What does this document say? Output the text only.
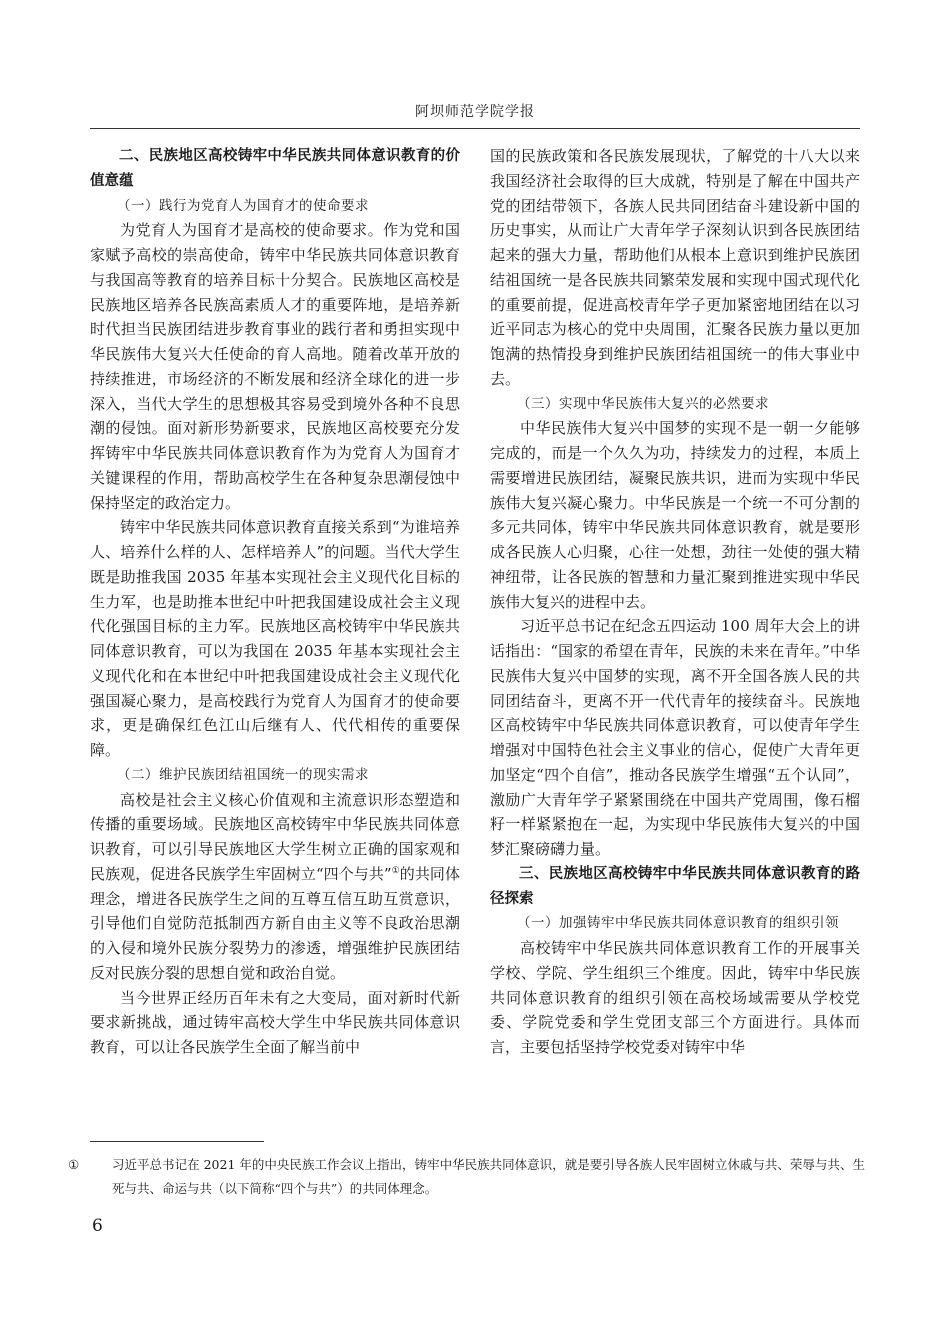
阿坝师范学院学报

二、民族地区高校铸牢中华民族共同体意识教育的价值意蕴

（一）践行为党育人为国育才的使命要求

为党育人为国育才是高校的使命要求。作为党和国家赋予高校的崇高使命，铸牢中华民族共同体意识教育与我国高等教育的培养目标十分契合。民族地区高校是民族地区培养各民族高素质人才的重要阵地，是培养新时代担当民族团结进步教育事业的践行者和勇担实现中华民族伟大复兴大任使命的育人高地。随着改革开放的持续推进，市场经济的不断发展和经济全球化的进一步深入，当代大学生的思想极其容易受到境外各种不良思潮的侵蚀。面对新形势新要求，民族地区高校要充分发挥铸牢中华民族共同体意识教育作为为党育人为国育才关键课程的作用，帮助高校学生在各种复杂思潮侵蚀中保持坚定的政治定力。

铸牢中华民族共同体意识教育直接关系到“为谁培养人、培养什么样的人、怎样培养人”的问题。当代大学生既是助推我国 2035 年基本实现社会主义现代化目标的生力军，也是助推本世纪中叶把我国建设成社会主义现代化强国目标的主力军。民族地区高校铸牢中华民族共同体意识教育，可以为我国在 2035 年基本实现社会主义现代化和在本世纪中叶把我国建设成社会主义现代化强国凝心聚力，是高校践行为党育人为国育才的使命要求，更是确保红色江山后继有人、代代相传的重要保障。

（二）维护民族团结祖国统一的现实需求

高校是社会主义核心价值观和主流意识形态塑造和传播的重要场域。民族地区高校铸牢中华民族共同体意识教育，可以引导民族地区大学生树立正确的国家观和民族观，促进各民族学生牢固树立“四个与共”①的共同体理念，增进各民族学生之间的互尊互信互助互赏意识，引导他们自觉防范抵制西方新自由主义等不良政治思潮的入侵和境外民族分裂势力的渗透，增强维护民族团结反对民族分裂的思想自觉和政治自觉。

当今世界正经历百年未有之大变局，面对新时代新要求新挑战，通过铸牢高校大学生中华民族共同体意识教育，可以让各民族学生全面了解当前中

国的民族政策和各民族发展现状，了解党的十八大以来我国经济社会取得的巨大成就，特别是了解在中国共产党的团结带领下，各族人民共同团结奋斗建设新中国的历史事实，从而让广大青年学子深刻认识到各民族团结起来的强大力量，帮助他们从根本上意识到维护民族团结祖国统一是各民族共同繁荣发展和实现中国式现代化的重要前提，促进高校青年学子更加紧密地团结在以习近平同志为核心的党中央周围，汇聚各民族力量以更加饱满的热情投身到维护民族团结祖国统一的伟大事业中去。

（三）实现中华民族伟大复兴的必然要求

中华民族伟大复兴中国梦的实现不是一朝一夕能够完成的，而是一个久久为功，持续发力的过程，本质上需要增进民族团结，凝聚民族共识，进而为实现中华民族伟大复兴凝心聚力。中华民族是一个统一不可分割的多元共同体，铸牢中华民族共同体意识教育，就是要形成各民族人心归聚，心往一处想，劲往一处使的强大精神纽带，让各民族的智慧和力量汇聚到推进实现中华民族伟大复兴的进程中去。

习近平总书记在纪念五四运动 100 周年大会上的讲话指出：“国家的希望在青年，民族的未来在青年。”中华民族伟大复兴中国梦的实现，离不开全国各族人民的共同团结奋斗，更离不开一代代青年的接续奋斗。民族地区高校铸牢中华民族共同体意识教育，可以使青年学生增强对中国特色社会主义事业的信心，促使广大青年更加坚定“四个自信”，推动各民族学生增强“五个认同”，激励广大青年学子紧紧围绕在中国共产党周围，像石榴籽一样紧紧抱在一起，为实现中华民族伟大复兴的中国梦汇聚磅礴力量。

三、民族地区高校铸牢中华民族共同体意识教育的路径探索

（一）加强铸牢中华民族共同体意识教育的组织引领

高校铸牢中华民族共同体意识教育工作的开展事关学校、学院、学生组织三个维度。因此，铸牢中华民族共同体意识教育的组织引领在高校场域需要从学校党委、学院党委和学生党团支部三个方面进行。具体而言，主要包括坚持学校党委对铸牢中华

①	习近平总书记在 2021 年的中央民族工作会议上指出，铸牢中华民族共同体意识，就是要引导各族人民牢固树立休戚与共、荣辱与共、生死与共、命运与共（以下简称“四个与共”）的共同体理念。
6
